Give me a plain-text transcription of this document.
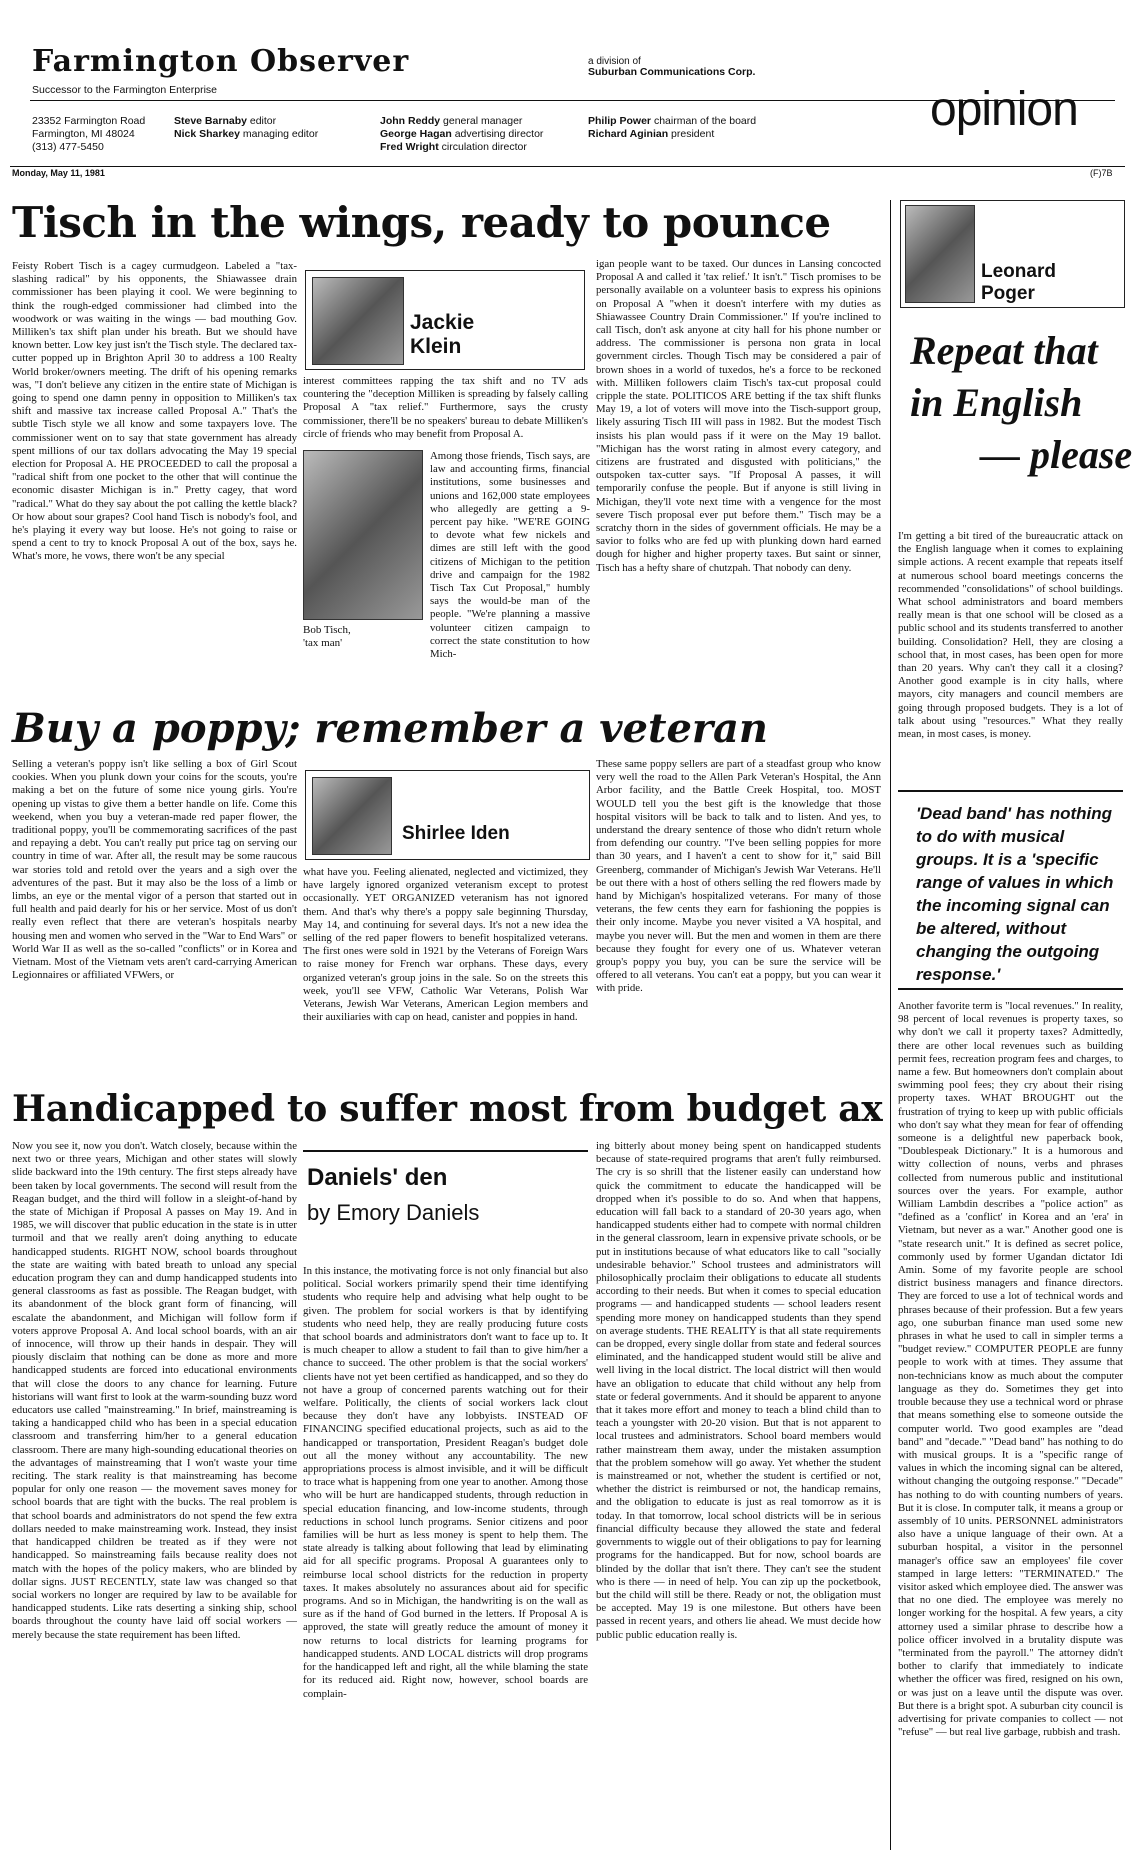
Farmington Observer
Successor to the Farmington Enterprise
a division of
Suburban Communications Corp.
23352 Farmington Road
Farmington, MI 48024
(313) 477-5450
Steve Barnaby editor
Nick Sharkey managing editor
John Reddy general manager
George Hagan advertising director
Fred Wright circulation director
Philip Power chairman of the board
Richard Aginian president	opinion
Monday, May 11, 1981	(F)7B
Tisch in the wings, ready to pounce
Feisty Robert Tisch is a cagey curmudgeon. Labeled a "tax-slashing radical" by his opponents, the Shiawassee drain commissioner has been playing it cool. We were beginning to think the rough-edged commissioner had climbed into the woodwork or was waiting in the wings — bad mouthing Gov. Milliken's tax shift plan under his breath. But we should have known better. Low key just isn't the Tisch style. The declared tax-cutter popped up in Brighton April 30 to address a 100 Realty World broker/owners meeting. The drift of his opening remarks was, "I don't believe any citizen in the entire state of Michigan is going to spend one damn penny in opposition to Milliken's tax shift and massive tax increase called Proposal A." That's the subtle Tisch style we all know and some taxpayers love. The commissioner went on to say that state government has already spent millions of our tax dollars advocating the May 19 special election for Proposal A. HE PROCEEDED to call the proposal a "radical shift from one pocket to the other that will continue the economic disaster Michigan is in." Pretty cagey, that word "radical." What do they say about the pot calling the kettle black? Or how about sour grapes? Cool hand Tisch is nobody's fool, and he's playing it every way but loose. He's not going to raise or spend a cent to try to knock Proposal A out of the box, says he. What's more, he vows, there won't be any special
Jackie
Klein
interest committees rapping the tax shift and no TV ads countering the "deception Milliken is spreading by falsely calling Proposal A "tax relief." Furthermore, says the crusty commissioner, there'll be no speakers' bureau to debate Milliken's circle of friends who may benefit from Proposal A.
Bob Tisch,
'tax man'
Among those friends, Tisch says, are law and accounting firms, financial institutions, some businesses and unions and 162,000 state employees who allegedly are getting a 9-percent pay hike. "WE'RE GOING to devote what few nickels and dimes are still left with the good citizens of Michigan to the petition drive and campaign for the 1982 Tisch Tax Cut Proposal," humbly says the would-be man of the people. "We're planning a massive volunteer citizen campaign to correct the state constitution to how Mich-
igan people want to be taxed. Our dunces in Lansing concocted Proposal A and called it 'tax relief.' It isn't." Tisch promises to be personally available on a volunteer basis to express his opinions on Proposal A "when it doesn't interfere with my duties as Shiawassee Country Drain Commissioner." If you're inclined to call Tisch, don't ask anyone at city hall for his phone number or address. The commissioner is persona non grata in local government circles. Though Tisch may be considered a pair of brown shoes in a world of tuxedos, he's a force to be reckoned with. Milliken followers claim Tisch's tax-cut proposal could cripple the state. POLITICOS ARE betting if the tax shift flunks May 19, a lot of voters will move into the Tisch-support group, likely assuring Tisch III will pass in 1982. But the modest Tisch insists his plan would pass if it were on the May 19 ballot. "Michigan has the worst rating in almost every category, and citizens are frustrated and disgusted with politicians," the outspoken tax-cutter says. "If Proposal A passes, it will temporarily confuse the people. But if anyone is still living in Michigan, they'll vote next time with a vengence for the most severe Tisch proposal ever put before them." Tisch may be a scratchy thorn in the sides of government officials. He may be a savior to folks who are fed up with plunking down hard earned dough for higher and higher property taxes. But saint or sinner, Tisch has a hefty share of chutzpah. That nobody can deny.
Buy a poppy; remember a veteran
Selling a veteran's poppy isn't like selling a box of Girl Scout cookies. When you plunk down your coins for the scouts, you're making a bet on the future of some nice young girls. You're opening up vistas to give them a better handle on life. Come this weekend, when you buy a veteran-made red paper flower, the traditional poppy, you'll be commemorating sacrifices of the past and repaying a debt. You can't really put price tag on serving our country in time of war. After all, the result may be some raucous war stories told and retold over the years and a sigh over the adventures of the past. But it may also be the loss of a limb or limbs, an eye or the mental vigor of a person that started out in full health and paid dearly for his or her service. Most of us don't really even reflect that there are veteran's hospitals nearby housing men and women who served in the "War to End Wars" or World War II as well as the so-called "conflicts" or in Korea and Vietnam. Most of the Vietnam vets aren't card-carrying American Legionnaires or affiliated VFWers, or
Shirlee Iden
what have you. Feeling alienated, neglected and victimized, they have largely ignored organized veteranism except to protest occasionally. YET ORGANIZED veteranism has not ignored them. And that's why there's a poppy sale beginning Thursday, May 14, and continuing for several days. It's not a new idea the selling of the red paper flowers to benefit hospitalized veterans. The first ones were sold in 1921 by the Veterans of Foreign Wars to raise money for French war orphans. These days, every organized veteran's group joins in the sale. So on the streets this week, you'll see VFW, Catholic War Veterans, Polish War Veterans, Jewish War Veterans, American Legion members and their auxiliaries with cap on head, canister and poppies in hand.
These same poppy sellers are part of a steadfast group who know very well the road to the Allen Park Veteran's Hospital, the Ann Arbor facility, and the Battle Creek Hospital, too. MOST WOULD tell you the best gift is the knowledge that those hospital visitors will be back to talk and to listen. And yes, to understand the dreary sentence of those who didn't return whole from defending our country. "I've been selling poppies for more than 30 years, and I haven't a cent to show for it," said Bill Greenberg, commander of Michigan's Jewish War Veterans. He'll be out there with a host of others selling the red flowers made by hand by Michigan's hospitalized veterans. For many of those veterans, the few cents they earn for fashioning the poppies is their only income. Maybe you never visited a VA hospital, and maybe you never will. But the men and women in them are there because they fought for every one of us. Whatever veteran group's poppy you buy, you can be sure the service will be offered to all veterans. You can't eat a poppy, but you can wear it with pride.
Handicapped to suffer most from budget ax
Now you see it, now you don't. Watch closely, because within the next two or three years, Michigan and other states will slowly slide backward into the 19th century. The first steps already have been taken by local governments. The second will result from the Reagan budget, and the third will follow in a sleight-of-hand by the state of Michigan if Proposal A passes on May 19. And in 1985, we will discover that public education in the state is in utter turmoil and that we really aren't doing anything to educate handicapped students. RIGHT NOW, school boards throughout the state are waiting with bated breath to unload any special education program they can and dump handicapped students into general classrooms as fast as possible. The Reagan budget, with its abandonment of the block grant form of financing, will escalate the abandonment, and Michigan will follow form if voters approve Proposal A. And local school boards, with an air of innocence, will throw up their hands in despair. They will piously disclaim that nothing can be done as more and more handicapped students are forced into educational environments that will close the doors to any chance for learning. Future historians will want first to look at the warm-sounding buzz word educators use called "mainstreaming." In brief, mainstreaming is taking a handicapped child who has been in a special education classroom and transferring him/her to a general education classroom. There are many high-sounding educational theories on the advantages of mainstreaming that I won't waste your time reciting. The stark reality is that mainstreaming has become popular for only one reason — the movement saves money for school boards that are tight with the bucks. The real problem is that school boards and administrators do not spend the few extra dollars needed to make mainstreaming work. Instead, they insist that handicapped children be treated as if they were not handicapped. So mainstreaming fails because reality does not match with the hopes of the policy makers, who are blinded by dollar signs. JUST RECENTLY, state law was changed so that social workers no longer are required by law to be available for handicapped students. Like rats deserting a sinking ship, school boards throughout the county have laid off social workers — merely because the state requirement has been lifted.
Daniels' den
by Emory Daniels
In this instance, the motivating force is not only financial but also political. Social workers primarily spend their time identifying students who require help and advising what help ought to be given. The problem for social workers is that by identifying students who need help, they are really producing future costs that school boards and administrators don't want to face up to. It is much cheaper to allow a student to fail than to give him/her a chance to succeed. The other problem is that the social workers' clients have not yet been certified as handicapped, and so they do not have a group of concerned parents watching out for their welfare. Politically, the clients of social workers lack clout because they don't have any lobbyists. INSTEAD OF FINANCING specified educational projects, such as aid to the handicapped or transportation, President Reagan's budget dole out all the money without any accountability. The new appropriations process is almost invisible, and it will be difficult to trace what is happening from one year to another. Among those who will be hurt are handicapped students, through reduction in special education financing, and low-income students, through reductions in school lunch programs. Senior citizens and poor families will be hurt as less money is spent to help them. The state already is talking about following that lead by eliminating aid for all specific programs. Proposal A guarantees only to reimburse local school districts for the reduction in property taxes. It makes absolutely no assurances about aid for specific programs. And so in Michigan, the handwriting is on the wall as sure as if the hand of God burned in the letters. If Proposal A is approved, the state will greatly reduce the amount of money it now returns to local districts for learning programs for handicapped students. AND LOCAL districts will drop programs for the handicapped left and right, all the while blaming the state for its reduced aid. Right now, however, school boards are complain-
ing bitterly about money being spent on handicapped students because of state-required programs that aren't fully reimbursed. The cry is so shrill that the listener easily can understand how quick the commitment to educate the handicapped will be dropped when it's possible to do so. And when that happens, education will fall back to a standard of 20-30 years ago, when handicapped students either had to compete with normal children in the general classroom, learn in expensive private schools, or be put in institutions because of what educators like to call "socially undesirable behavior." School trustees and administrators will philosophically proclaim their obligations to educate all students according to their needs. But when it comes to special education programs — and handicapped students — school leaders resent spending more money on handicapped students than they spend on average students. THE REALITY is that all state requirements can be dropped, every single dollar from state and federal sources eliminated, and the handicapped student would still be alive and well living in the local district. The local district will then would have an obligation to educate that child without any help from state or federal governments. And it should be apparent to anyone that it takes more effort and money to teach a blind child than to teach a youngster with 20-20 vision. But that is not apparent to local trustees and administrators. School board members would rather mainstream them away, under the mistaken assumption that the problem somehow will go away. Yet whether the student is mainstreamed or not, whether the student is certified or not, whether the district is reimbursed or not, the handicap remains, and the obligation to educate is just as real tomorrow as it is today. In that tomorrow, local school districts will be in serious financial difficulty because they allowed the state and federal governments to wiggle out of their obligations to pay for learning programs for the handicapped. But for now, school boards are blinded by the dollar that isn't there. They can't see the student who is there — in need of help. You can zip up the pocketbook, but the child will still be there. Ready or not, the obligation must be accepted. May 19 is one milestone. But others have been passed in recent years, and others lie ahead. We must decide how public public education really is.
Leonard
Poger
Repeat that
in English
— please
I'm getting a bit tired of the bureaucratic attack on the English language when it comes to explaining simple actions. A recent example that repeats itself at numerous school board meetings concerns the recommended "consolidations" of school buildings. What school administrators and board members really mean is that one school will be closed as a public school and its students transferred to another building. Consolidation? Hell, they are closing a school that, in most cases, has been open for more than 20 years. Why can't they call it a closing? Another good example is in city halls, where mayors, city managers and council members are going through proposed budgets. They is a lot of talk about using "resources." What they really mean, in most cases, is money.
'Dead band' has nothing to do with musical groups. It is a 'specific range of values in which the incoming signal can be altered, without changing the outgoing response.'
Another favorite term is "local revenues." In reality, 98 percent of local revenues is property taxes, so why don't we call it property taxes? Admittedly, there are other local revenues such as building permit fees, recreation program fees and charges, to name a few. But homeowners don't complain about swimming pool fees; they cry about their rising property taxes. WHAT BROUGHT out the frustration of trying to keep up with public officials who don't say what they mean for fear of offending someone is a delightful new paperback book, "Doublespeak Dictionary." It is a humorous and witty collection of nouns, verbs and phrases collected from numerous public and institutional sources over the years. For example, author William Lambdin describes a "police action" as "defined as a 'conflict' in Korea and an 'era' in Vietnam, but never as a war." Another good one is "state research unit." It is defined as secret police, commonly used by former Ugandan dictator Idi Amin. Some of my favorite people are school district business managers and finance directors. They are forced to use a lot of technical words and phrases because of their profession. But a few years ago, one suburban finance man used some new phrases in what he used to call in simpler terms a "budget review." COMPUTER PEOPLE are funny people to work with at times. They assume that non-technicians know as much about the computer language as they do. Sometimes they get into trouble because they use a technical word or phrase that means something else to someone outside the computer world. Two good examples are "dead band" and "decade." "Dead band" has nothing to do with musical groups. It is a "specific range of values in which the incoming signal can be altered, without changing the outgoing response." "Decade" has nothing to do with counting numbers of years. But it is close. In computer talk, it means a group or assembly of 10 units. PERSONNEL administrators also have a unique language of their own. At a suburban hospital, a visitor in the personnel manager's office saw an employees' file cover stamped in large letters: "TERMINATED." The visitor asked which employee died. The answer was that no one died. The employee was merely no longer working for the hospital. A few years, a city attorney used a similar phrase to describe how a police officer involved in a brutality dispute was "terminated from the payroll." The attorney didn't bother to clarify that immediately to indicate whether the officer was fired, resigned on his own, or was just on a leave until the dispute was over. But there is a bright spot. A suburban city council is advertising for private companies to collect — not "refuse" — but real live garbage, rubbish and trash.
